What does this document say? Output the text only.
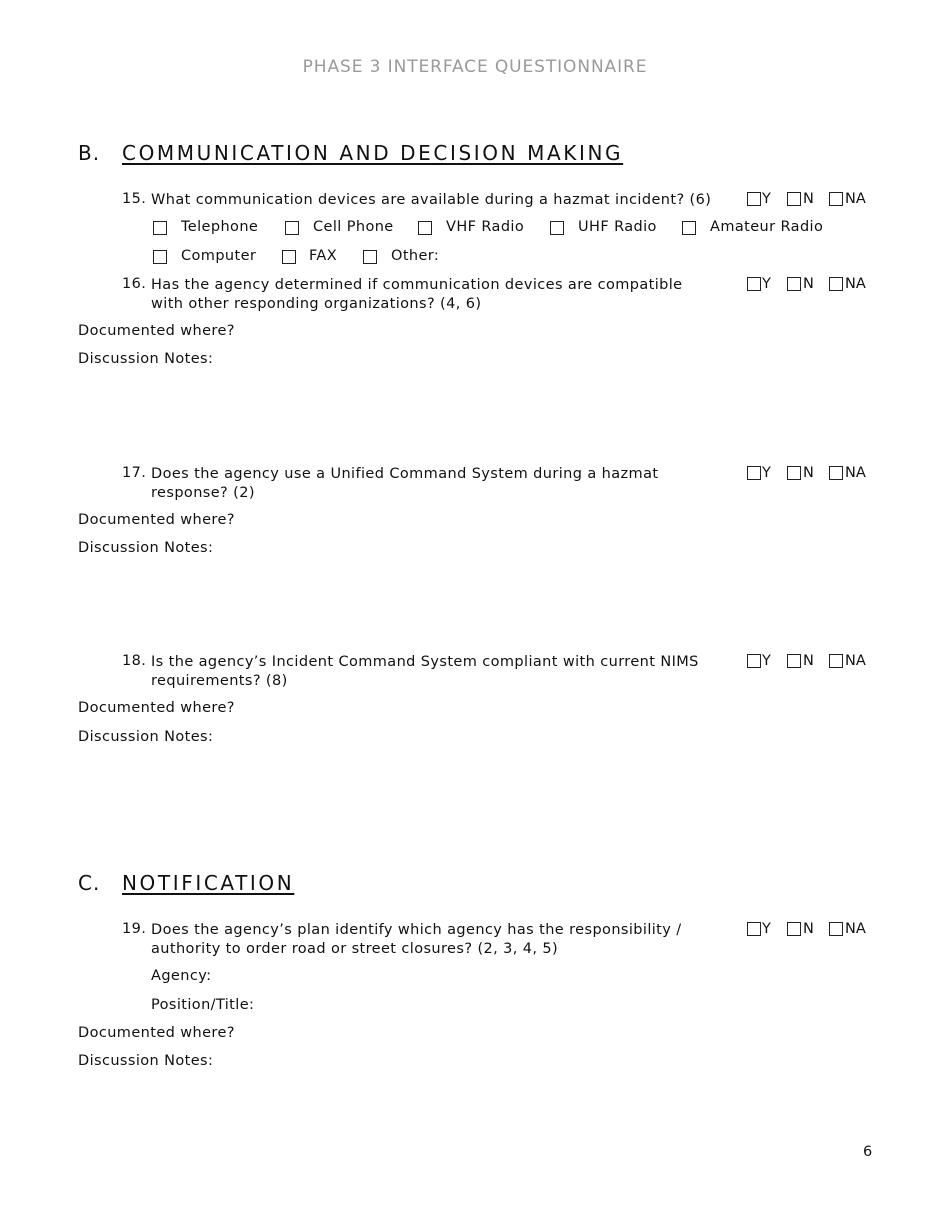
PHASE 3 INTERFACE QUESTIONNAIRE
B. COMMUNICATION AND DECISION MAKING
15. What communication devices are available during a hazmat incident? (6)	Y N NA
Telephone	Cell Phone	VHF Radio	UHF Radio	Amateur Radio
Computer	FAX	Other:
16. Has the agency determined if communication devices are compatible with other responding organizations? (4, 6)
Y N NA
Documented where?
Discussion Notes:
17. Does the agency use a Unified Command System during a hazmat response? (2)
Y N NA
Documented where?
Discussion Notes:
18. Is the agency’s Incident Command System compliant with current NIMS requirements? (8)
Y N NA
Documented where?
Discussion Notes:
C. NOTIFICATION
19. Does the agency’s plan identify which agency has the responsibility / authority to order road or street closures? (2, 3, 4, 5)
Y N NA
Agency:
Position/Title:
Documented where?
Discussion Notes:
6
